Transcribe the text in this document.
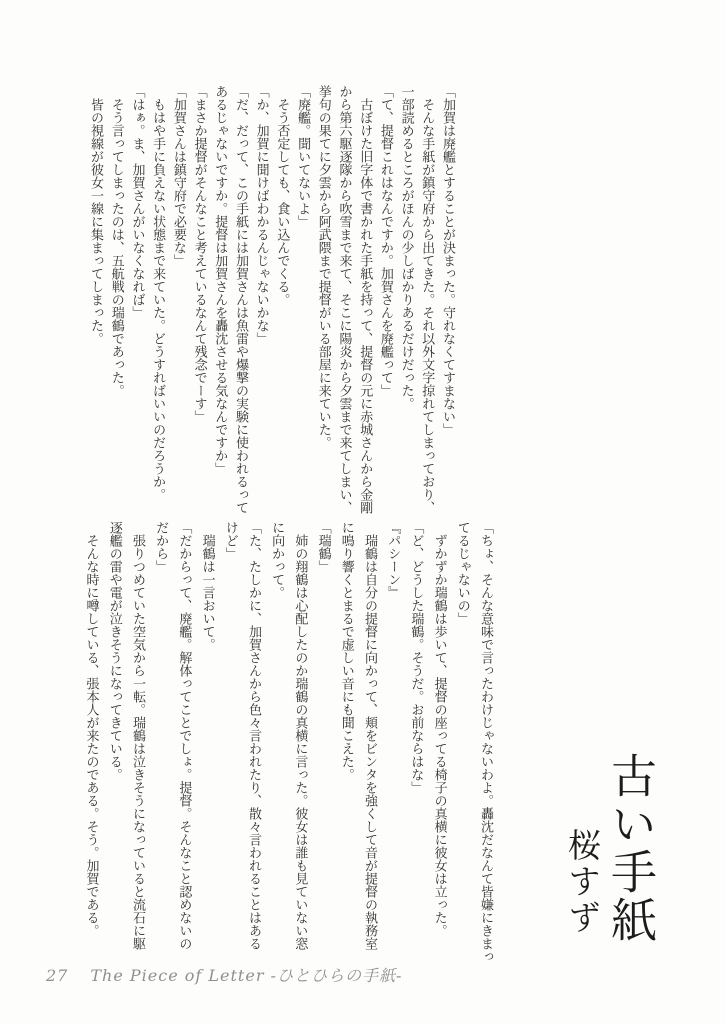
「加賀は廃艦とすることが決まった。守れなくてすまない」

そんな手紙が鎮守府から出てきた。それ以外文字掠れてしまっており、

一部読めるところがほんの少しばかりあるだけだった。

「て、提督これはなんですか。加賀さんを廃艦って」

古ぼけた旧字体で書かれた手紙を持って、提督の元に赤城さんから金剛

から第六駆逐隊から吹雪まで来て、そこに陽炎から夕雲まで来てしまい、

挙句の果てに夕雲から阿武隈まで提督がいる部屋に来ていた。

「廃艦。聞いてないよ」

そう否定しても、食い込んでくる。

「か、加賀に聞けばわかるんじゃないかな」

「だ、だって、この手紙には加賀さんは魚雷や爆撃の実験に使われるって

あるじゃないですか。提督は加賀さんを轟沈させる気なんですか」

「まさか提督がそんなこと考えているなんて残念でーす」

「加賀さんは鎮守府で必要な」

もはや手に負えない状態まで来ていた。どうすればいいのだろうか。

「はぁ。ま、加賀さんがいなくなれば」

そう言ってしまったのは、五航戦の瑞鶴であった。

皆の視線が彼女一線に集まってしまった。

「ちょ、そんな意味で言ったわけじゃないわよ。轟沈だなんて皆嫌にきまっ

てるじゃないの」

ずかずか瑞鶴は歩いて、提督の座ってる椅子の真横に彼女は立った。

「ど、どうした瑞鶴。そうだ。お前ならはな」

『パシーン』

瑞鶴は自分の提督に向かって、頬をビンタを強くして音が提督の執務室

に鳴り響くとまるで虚しい音にも聞こえた。

「瑞鶴」

姉の翔鶴は心配したのか瑞鶴の真横に言った。彼女は誰も見ていない窓

に向かって。

「た、たしかに、加賀さんから色々言われたり、散々言われることはある

けど」

瑞鶴は一言おいて。

「だからって、廃艦。解体ってことでしょ。提督。そんなこと認めないの

だから」

張りつめていた空気から一転。瑞鶴は泣きそうになっていると流石に駆

逐艦の雷や電が泣きそうになってきている。

そんな時に噂している、張本人が来たのである。そう。加賀である。	古い手紙
桜すず
27 The Piece of Letter -ひとひらの手紙-
